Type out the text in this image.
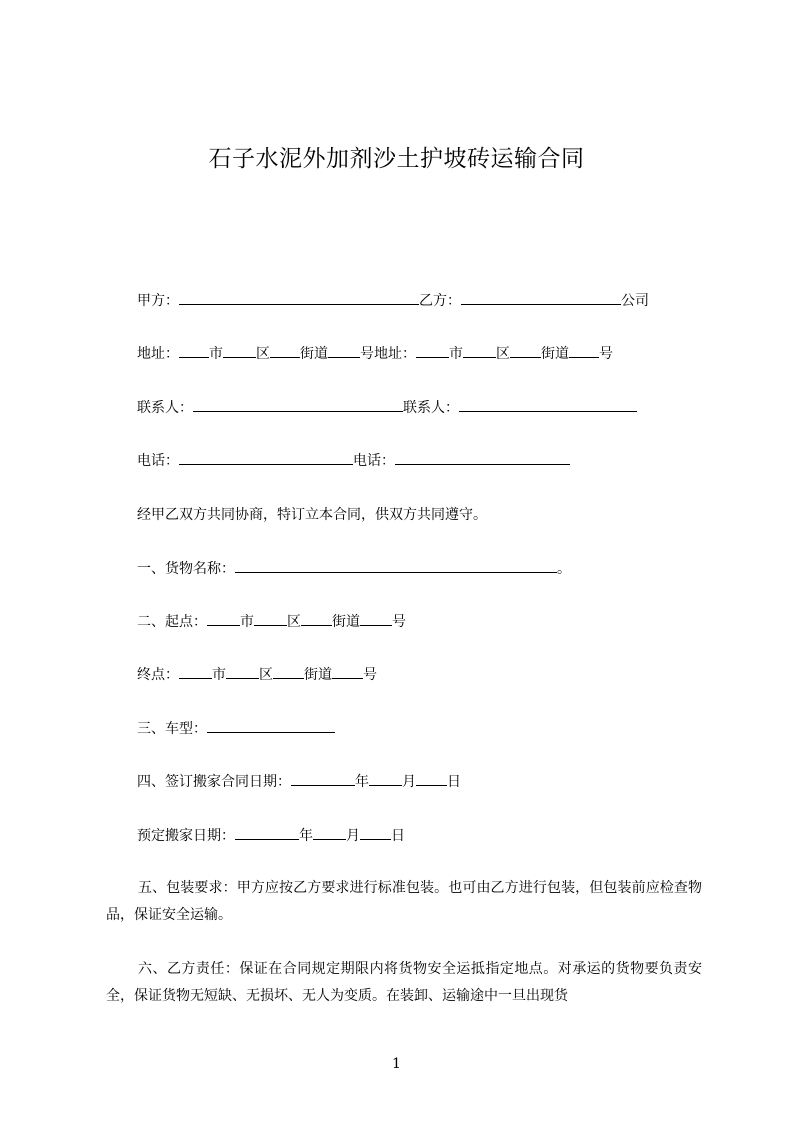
石子水泥外加剂沙土护坡砖运输合同
甲方：	乙方：	公司
地址： 市 区 街道 号地址： 市 区 街道 号
联系人：	联系人：
电话：	电话：
经甲乙双方共同协商，特订立本合同，供双方共同遵守。
一、货物名称：	。
二、起点： 市 区 街道 号
终点： 市 区 街道 号
三、车型：
四、签订搬家合同日期：	年 月 日
预定搬家日期：	年 月 日

五、包装要求：甲方应按乙方要求进行标准包装。也可由乙方进行包装，但包装前应检查物品，保证安全运输。

六、乙方责任：保证在合同规定期限内将货物安全运抵指定地点。对承运的货物要负责安全，保证货物无短缺、无损坏、无人为变质。在装卸、运输途中一旦出现货

1
